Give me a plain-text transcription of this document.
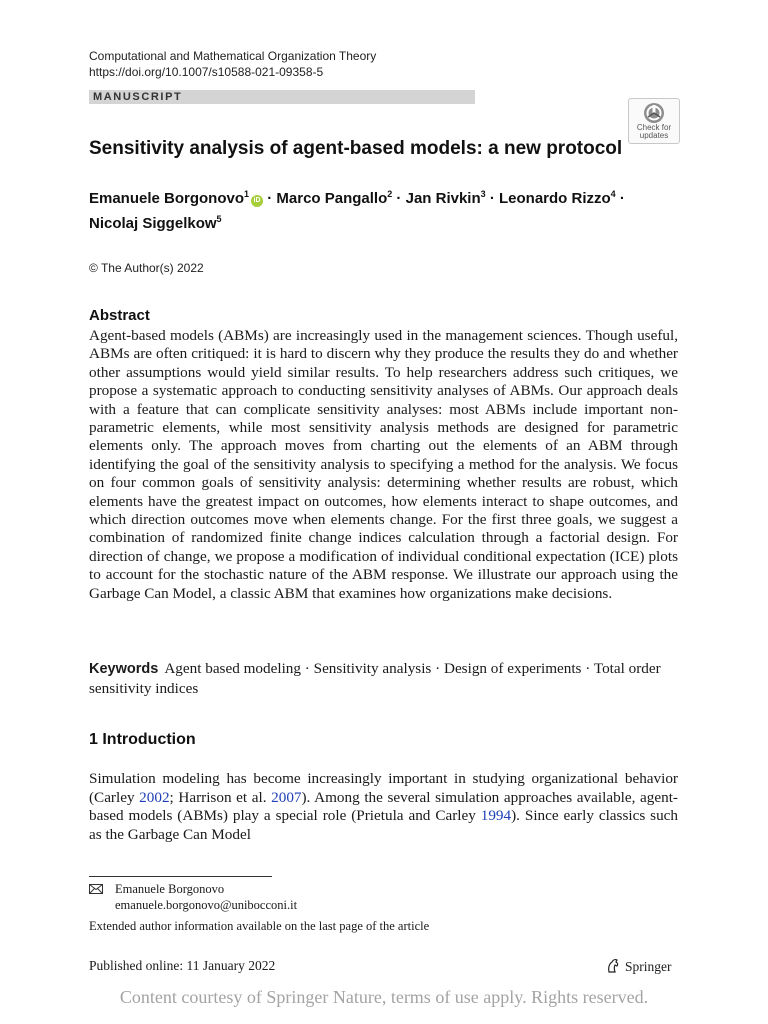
Computational and Mathematical Organization Theory
https://doi.org/10.1007/s10588-021-09358-5
MANUSCRIPT
Check for
updates
Sensitivity analysis of agent-based models: a new protocol
Emanuele Borgonovo$^1$iD · Marco Pangallo$^2$ · Jan Rivkin$^3$ · Leonardo Rizzo$^4$ ·
Nicolaj Siggelkow$^5$
© The Author(s) 2022
Abstract
Agent-based models (ABMs) are increasingly used in the management sciences. Though useful, ABMs are often critiqued: it is hard to discern why they produce the results they do and whether other assumptions would yield similar results. To help researchers address such critiques, we propose a systematic approach to conducting sensitivity analyses of ABMs. Our approach deals with a feature that can complicate sensitivity analyses: most ABMs include important non-parametric elements, while most sensitivity analysis methods are designed for parametric elements only. The approach moves from charting out the elements of an ABM through identifying the goal of the sensitivity analysis to specifying a method for the analysis. We focus on four common goals of sensitivity analysis: determining whether results are robust, which elements have the greatest impact on outcomes, how elements interact to shape outcomes, and which direction outcomes move when elements change. For the first three goals, we suggest a combination of randomized finite change indices calculation through a factorial design. For direction of change, we propose a modification of individual conditional expectation (ICE) plots to account for the stochastic nature of the ABM response. We illustrate our approach using the Garbage Can Model, a classic ABM that examines how organizations make decisions.
Keywords Agent based modeling · Sensitivity analysis · Design of experiments · Total order sensitivity indices
1 Introduction
Simulation modeling has become increasingly important in studying organizational behavior (Carley 2002; Harrison et al. 2007). Among the several simulation approaches available, agent-based models (ABMs) play a special role (Prietula and Carley 1994). Since early classics such as the Garbage Can Model
Emanuele Borgonovo
emanuele.borgonovo@unibocconi.it
Extended author information available on the last page of the article
Published online: 11 January 2022	Springer
Content courtesy of Springer Nature, terms of use apply. Rights reserved.
